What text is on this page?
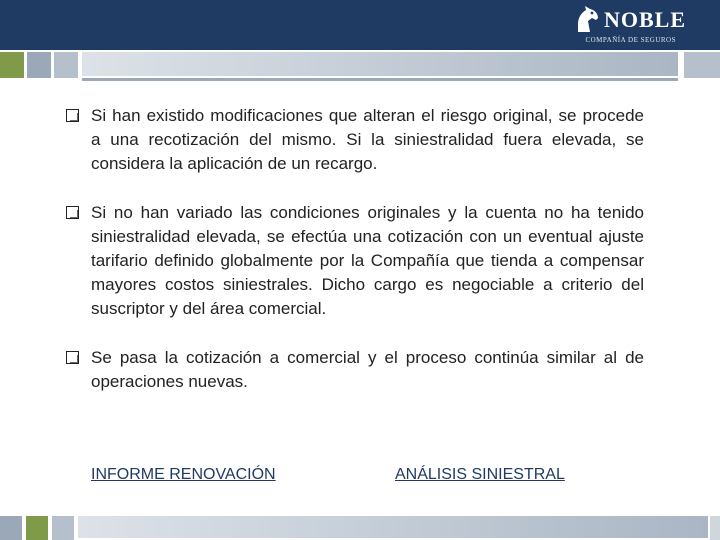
NOBLE
COMPAÑÍA DE SEGUROS
Si han existido modificaciones que alteran el riesgo original, se procede a una recotización del mismo. Si la siniestralidad fuera elevada, se considera la aplicación de un recargo.
Si no han variado las condiciones originales y la cuenta no ha tenido siniestralidad elevada, se efectúa una cotización con un eventual ajuste tarifario definido globalmente por la Compañía que tienda a compensar mayores costos siniestrales. Dicho cargo es negociable a criterio del suscriptor y del área comercial.
Se pasa la cotización a comercial y el proceso continúa similar al de operaciones nuevas.
INFORME RENOVACIÓN	ANÁLISIS SINIESTRAL
